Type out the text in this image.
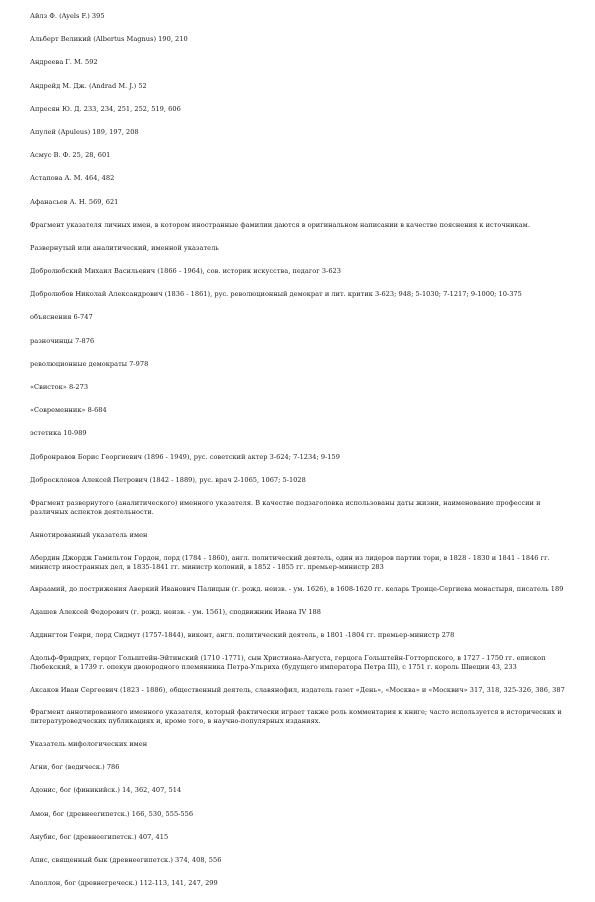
Айлз Ф. (Ayels F.) 395

Альберт Великий (Albertus Magnus) 190, 210

Андреева Г. М. 592

Андрейд М. Дж. (Andrad M. J.) 52

Апресян Ю. Д. 233, 234, 251, 252, 519, 606

Апулей (Apuleus) 189, 197, 208

Асмус В. Ф. 25, 28, 601

Астапова А. М. 464, 482

Афанасьев А. Н. 569, 621

Фрагмент указателя личных имен, в котором иностранные фамилии даются в оригинальном написании в качестве пояснения к источникам.

Развернутый или аналитический, именной указатель

Добролюбский Михаил Васильевич (1866 - 1964), сов. историк искусства, педагог 3-623

Добролюбов Николай Александрович (1836 - 1861), рус. революционный демократ и лит. критик 3-623; 948; 5-1030; 7-1217; 9-1000; 10-375

объяснения 6-747

разночинцы 7-876

революционные демократы 7-978

«Свисток» 8-273

«Современник» 8-684

эстетика 10-989

Добронравов Борис Георгиевич (1896 - 1949), рус. советский актер 3-624; 7-1234; 9-159

Добросклонов Алексей Петрович (1842 - 1889), рус. врач 2-1065, 1067; 5-1028

Фрагмент развернутого (аналитического) именного указателя. В качестве подзаголовка использованы даты жизни, наименование профессии и различных аспектов деятельности.

Аннотированный указатель имен

Абердин Джордж Гамильтон Гордон, лорд (1784 - 1860), англ. политический деятель, один из лидеров партии тори, в 1828 - 1830 и 1841 - 1846 гг. министр иностранных дел, в 1835-1841 гг. министр колоний, в 1852 - 1855 гг. премьер-министр 283

Авраамий, до пострижения Аверкий Иванович Палицын (г. рожд. неизв. - ум. 1626), в 1608-1620 гг. келарь Троице-Сергиева монастыря, писатель 189

Адашев Алексей Федорович (г. рожд. неизв. - ум. 1561), сподвижник Ивана IV 188

Аддингтон Генри, лорд Сидмут (1757-1844), виконт, англ. политический деятель, в 1801 -1804 гг. премьер-министр 278

Адольф-Фридрих, герцог Гольштейн-Эйтинский (1710 -1771), сын Христиана-Августа, герцога Гольштейн-Готторпского, в 1727 - 1750 гг. епископ Любекский, в 1739 г. опекун двоюродного племянника Петра-Ульриха (будущего императора Петра III), с 1751 г. король Швеции 43, 233

Аксаков Иван Сергеевич (1823 - 1886), общественный деятель, славянофил, издатель газет «День», «Москва» и «Москвич» 317, 318, 325-326, 386, 387

Фрагмент аннотированного именного указателя, который фактически играет также роль комментария к книге; часто используется в исторических и литературоведческих публикациях и, кроме того, в научно-популярных изданиях.

Указатель мифологических имен

Агни, бог (ведическ.) 786

Адонис, бог (финикийск.) 14, 362, 407, 514

Амон, бог (древнеегипетск.) 166, 530, 555-556

Анубис, бог (древнеегипетск.) 407, 415

Апис, священный бык (древнеегипетск.) 374, 408, 556

Аполлон, бог (древнегреческ.) 112-113, 141, 247, 299
